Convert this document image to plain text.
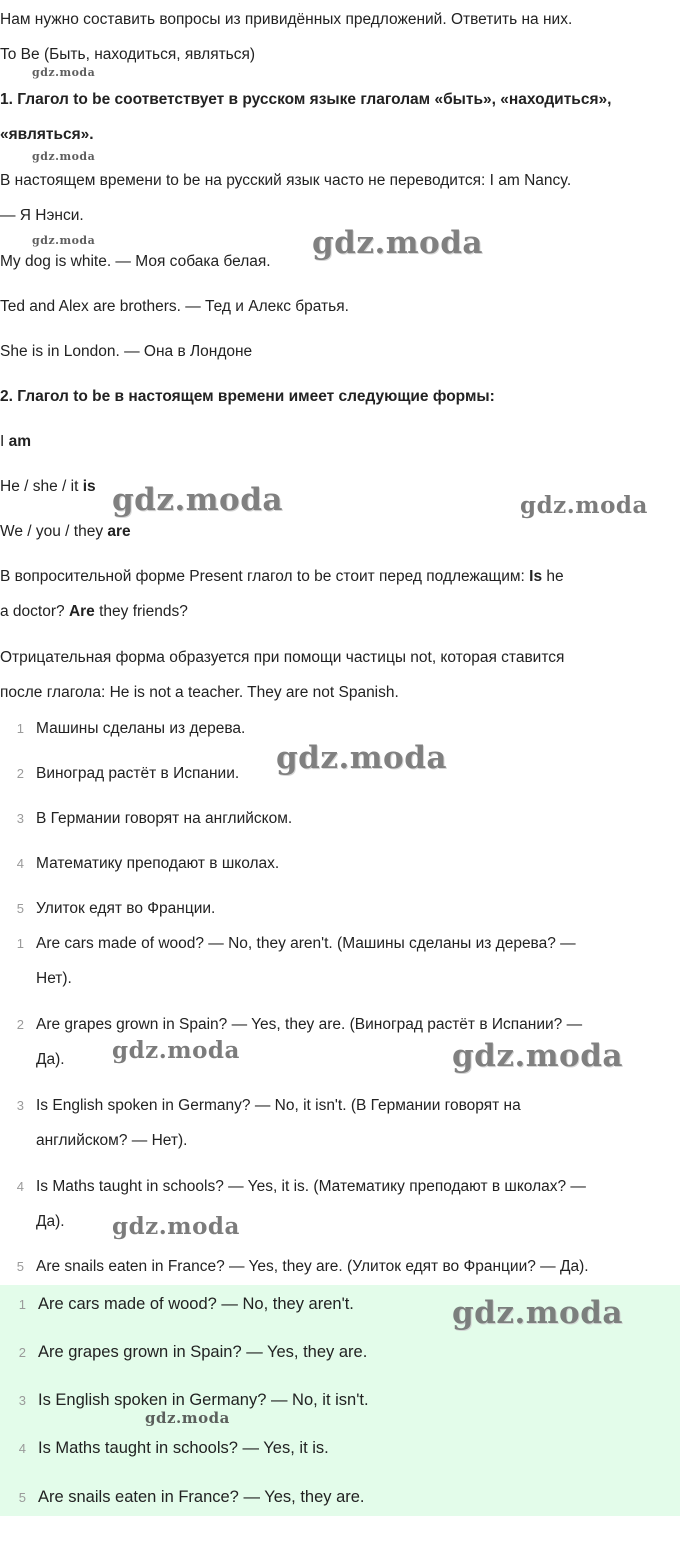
Нам нужно составить вопросы из привидённых предложений. Ответить на них.
To Be (Быть, находиться, являться)
1. Глагол to be соответствует в русском языке глаголам «быть», «находиться»,
«являться».
В настоящем времени to be на русский язык часто не переводится: I am Nancy.
— Я Нэнси.
My dog is white. — Моя собака белая.
Ted and Alex are brothers. — Тед и Алекс братья.
She is in London. — Она в Лондоне
2. Глагол to be в настоящем времени имеет следующие формы:
I am
He / she / it is
We / you / they are
В вопросительной форме Present глагол to be стоит перед подлежащим: Is he
a doctor? Are they friends?
Отрицательная форма образуется при помощи частицы not, которая ставится
после глагола: He is not a teacher. They are not Spanish.
1 Машины сделаны из дерева.
2 Виноград растёт в Испании.
3 В Германии говорят на английском.
4 Математику преподают в школах.
5 Улиток едят во Франции.
1 Are cars made of wood? — No, they aren't. (Машины сделаны из дерева? —
Нет).
2 Are grapes grown in Spain? — Yes, they are. (Виноград растёт в Испании? —
Да).
3 Is English spoken in Germany? — No, it isn't. (В Германии говорят на
английском? — Нет).
4 Is Maths taught in schools? — Yes, it is. (Математику преподают в школах? —
Да).
5 Are snails eaten in France? — Yes, they are. (Улиток едят во Франции? — Да).
1 Are cars made of wood? — No, they aren't.
2 Are grapes grown in Spain? — Yes, they are.
3 Is English spoken in Germany? — No, it isn't.
4 Is Maths taught in schools? — Yes, it is.
5 Are snails eaten in France? — Yes, they are.
gdz.moda
gdz.moda
gdz.moda	gdz.moda
gdz.moda	gdz.moda
gdz.moda
gdz.moda	gdz.moda
gdz.moda
gdz.moda
gdz.moda
